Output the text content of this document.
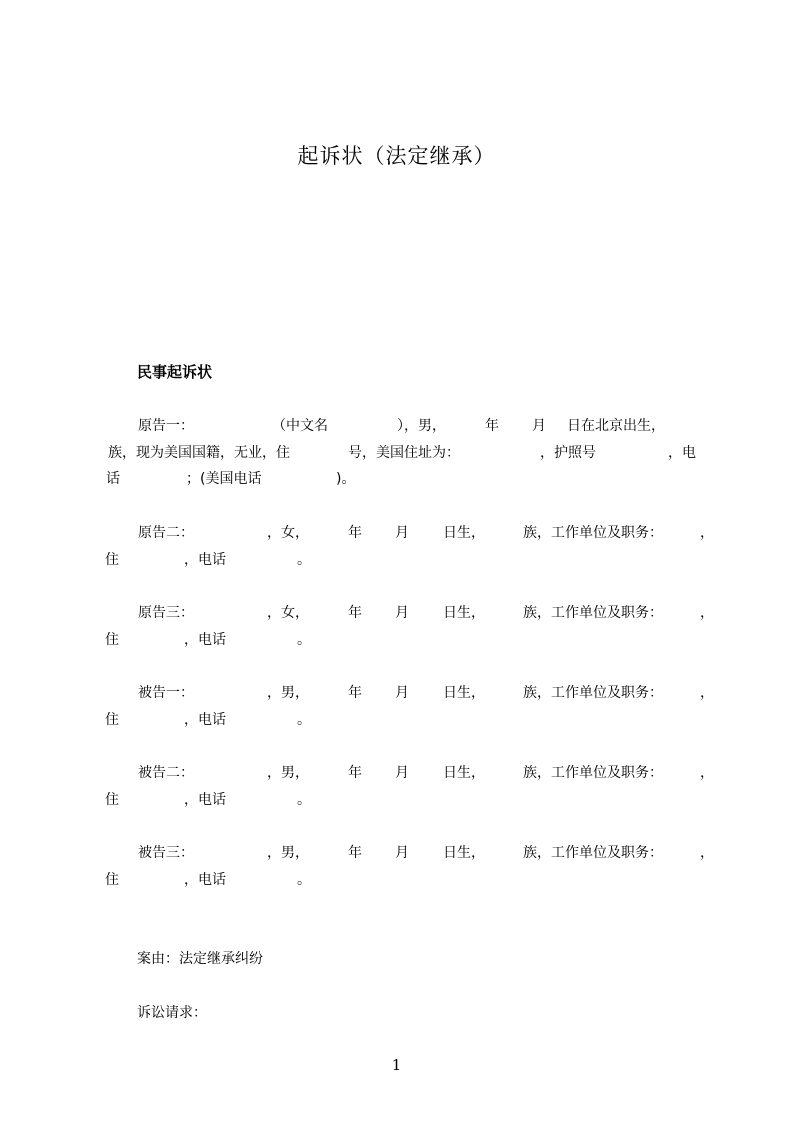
起诉状（法定继承）
民事起诉状
原告一：	（中文名	），男，	年 月 日在北京出生，
族，现为美国国籍，无业，住	号，美国住址为：	，护照号	，电
话	；(美国电话	)。
原告二：	，女，	年 月 日生，	族，工作单位及职务：	，
住	，电话	。
原告三：	，女，	年 月 日生，	族，工作单位及职务：	，
住	，电话	。
被告一：	，男，	年 月 日生，	族，工作单位及职务：	，
住	，电话	。
被告二：	，男，	年 月 日生，	族，工作单位及职务：	，
住	，电话	。
被告三：	，男，	年 月 日生，	族，工作单位及职务：	，
住	，电话	。
案由：法定继承纠纷
诉讼请求：
1
